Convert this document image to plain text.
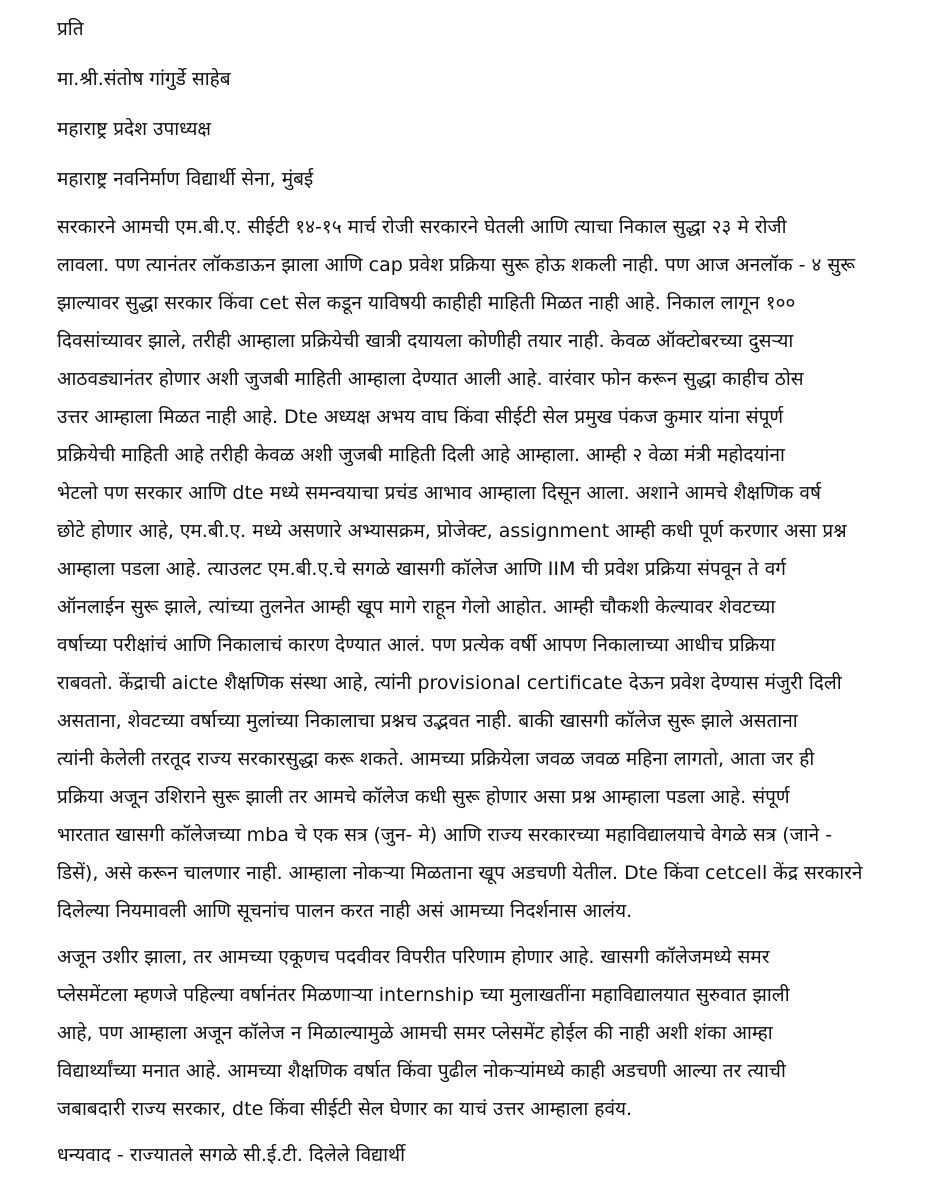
प्रति
मा.श्री.संतोष गांगुर्डे साहेब
महाराष्ट्र प्रदेश उपाध्यक्ष
महाराष्ट्र नवनिर्माण विद्यार्थी सेना, मुंबई
सरकारने आमची एम.बी.ए. सीईटी १४-१५ मार्च रोजी सरकारने घेतली आणि त्याचा निकाल सुद्धा २३ मे रोजी
लावला. पण त्यानंतर लॉकडाऊन झाला आणि cap प्रवेश प्रक्रिया सुरू होऊ शकली नाही. पण आज अनलॉक - ४ सुरू
झाल्यावर सुद्धा सरकार किंवा cet सेल कडून याविषयी काहीही माहिती मिळत नाही आहे. निकाल लागून १००
दिवसांच्यावर झाले, तरीही आम्हाला प्रक्रियेची खात्री दयायला कोणीही तयार नाही. केवळ ऑक्टोबरच्या दुसऱ्या
आठवड्यानंतर होणार अशी जुजबी माहिती आम्हाला देण्यात आली आहे. वारंवार फोन करून सुद्धा काहीच ठोस
उत्तर आम्हाला मिळत नाही आहे. Dte अध्यक्ष अभय वाघ किंवा सीईटी सेल प्रमुख पंकज कुमार यांना संपूर्ण
प्रक्रियेची माहिती आहे तरीही केवळ अशी जुजबी माहिती दिली आहे आम्हाला. आम्ही २ वेळा मंत्री महोदयांना
भेटलो पण सरकार आणि dte मध्ये समन्वयाचा प्रचंड आभाव आम्हाला दिसून आला. अशाने आमचे शैक्षणिक वर्ष
छोटे होणार आहे, एम.बी.ए. मध्ये असणारे अभ्यासक्रम, प्रोजेक्ट, assignment आम्ही कधी पूर्ण करणार असा प्रश्न
आम्हाला पडला आहे. त्याउलट एम.बी.ए.चे सगळे खासगी कॉलेज आणि IIM ची प्रवेश प्रक्रिया संपवून ते वर्ग
ऑनलाईन सुरू झाले, त्यांच्या तुलनेत आम्ही खूप मागे राहून गेलो आहोत. आम्ही चौकशी केल्यावर शेवटच्या
वर्षाच्या परीक्षांचं आणि निकालाचं कारण देण्यात आलं. पण प्रत्येक वर्षी आपण निकालाच्या आधीच प्रक्रिया
राबवतो. केंद्राची aicte शैक्षणिक संस्था आहे, त्यांनी provisional certificate देऊन प्रवेश देण्यास मंजुरी दिली
असताना, शेवटच्या वर्षाच्या मुलांच्या निकालाचा प्रश्नच उद्भवत नाही. बाकी खासगी कॉलेज सुरू झाले असताना
त्यांनी केलेली तरतूद राज्य सरकारसुद्धा करू शकते. आमच्या प्रक्रियेला जवळ जवळ महिना लागतो, आता जर ही
प्रक्रिया अजून उशिराने सुरू झाली तर आमचे कॉलेज कधी सुरू होणार असा प्रश्न आम्हाला पडला आहे. संपूर्ण
भारतात खासगी कॉलेजच्या mba चे एक सत्र (जुन- मे) आणि राज्य सरकारच्या महाविद्यालयाचे वेगळे सत्र (जाने -
डिसें), असे करून चालणार नाही. आम्हाला नोकऱ्या मिळताना खूप अडचणी येतील. Dte किंवा cetcell केंद्र सरकारने
दिलेल्या नियमावली आणि सूचनांच पालन करत नाही असं आमच्या निदर्शनास आलंय.
अजून उशीर झाला, तर आमच्या एकूणच पदवीवर विपरीत परिणाम होणार आहे. खासगी कॉलेजमध्ये समर
प्लेसमेंटला म्हणजे पहिल्या वर्षानंतर मिळणाऱ्या internship च्या मुलाखतींना महाविद्यालयात सुरुवात झाली
आहे, पण आम्हाला अजून कॉलेज न मिळाल्यामुळे आमची समर प्लेसमेंट होईल की नाही अशी शंका आम्हा
विद्यार्थ्यांच्या मनात आहे. आमच्या शैक्षणिक वर्षात किंवा पुढील नोकऱ्यांमध्ये काही अडचणी आल्या तर त्याची
जबाबदारी राज्य सरकार, dte किंवा सीईटी सेल घेणार का याचं उत्तर आम्हाला हवंय.
धन्यवाद - राज्यातले सगळे सी.ई.टी. दिलेले विद्यार्थी
